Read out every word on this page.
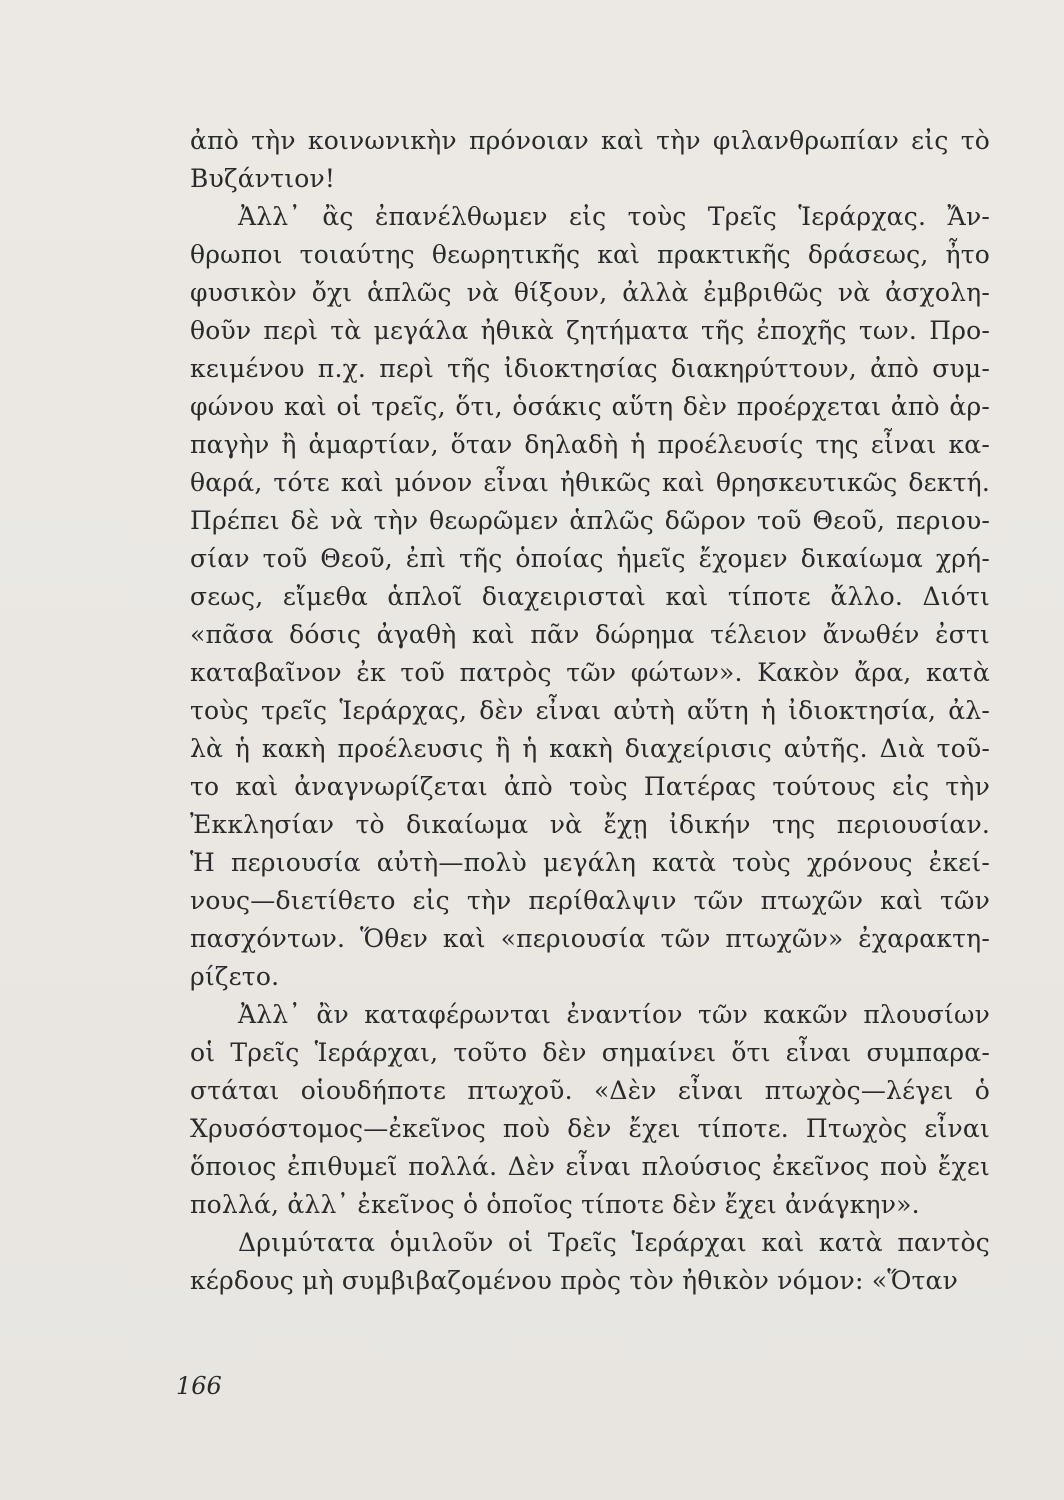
ἀπὸ τὴν κοινωνικὴν πρόνοιαν καὶ τὴν φιλανθρωπίαν εἰς τὸ
Βυζάντιον!
Ἀλλ᾽ ἂς ἐπανέλθωμεν εἰς τοὺς Τρεῖς Ἱεράρχας. Ἄν-
θρωποι τοιαύτης θεωρητικῆς καὶ πρακτικῆς δράσεως, ἦτο
φυσικὸν ὄχι ἁπλῶς νὰ θίξουν, ἀλλὰ ἐμβριθῶς νὰ ἀσχολη-
θοῦν περὶ τὰ μεγάλα ἠθικὰ ζητήματα τῆς ἐποχῆς των. Προ-
κειμένου π.χ. περὶ τῆς ἰδιοκτησίας διακηρύττουν, ἀπὸ συμ-
φώνου καὶ οἱ τρεῖς, ὅτι, ὁσάκις αὕτη δὲν προέρχεται ἀπὸ ἁρ-
παγὴν ἢ ἁμαρτίαν, ὅταν δηλαδὴ ἡ προέλευσίς της εἶναι κα-
θαρά, τότε καὶ μόνον εἶναι ἠθικῶς καὶ θρησκευτικῶς δεκτή.
Πρέπει δὲ νὰ τὴν θεωρῶμεν ἁπλῶς δῶρον τοῦ Θεοῦ, περιου-
σίαν τοῦ Θεοῦ, ἐπὶ τῆς ὁποίας ἡμεῖς ἔχομεν δικαίωμα χρή-
σεως, εἴμεθα ἁπλοῖ διαχειρισταὶ καὶ τίποτε ἄλλο. Διότι
«πᾶσα δόσις ἀγαθὴ καὶ πᾶν δώρημα τέλειον ἄνωθέν ἐστι
καταβαῖνον ἐκ τοῦ πατρὸς τῶν φώτων». Κακὸν ἄρα, κατὰ
τοὺς τρεῖς Ἱεράρχας, δὲν εἶναι αὐτὴ αὕτη ἡ ἰδιοκτησία, ἀλ-
λὰ ἡ κακὴ προέλευσις ἢ ἡ κακὴ διαχείρισις αὐτῆς. Διὰ τοῦ-
το καὶ ἀναγνωρίζεται ἀπὸ τοὺς Πατέρας τούτους εἰς τὴν
Ἐκκλησίαν τὸ δικαίωμα νὰ ἔχῃ ἰδικήν της περιουσίαν.
Ἡ περιουσία αὐτὴ—πολὺ μεγάλη κατὰ τοὺς χρόνους ἐκεί-
νους—διετίθετο εἰς τὴν περίθαλψιν τῶν πτωχῶν καὶ τῶν
πασχόντων. Ὅθεν καὶ «περιουσία τῶν πτωχῶν» ἐχαρακτη-
ρίζετο.
Ἀλλ᾽ ἂν καταφέρωνται ἐναντίον τῶν κακῶν πλουσίων
οἱ Τρεῖς Ἱεράρχαι, τοῦτο δὲν σημαίνει ὅτι εἶναι συμπαρα-
στάται οἱουδήποτε πτωχοῦ. «Δὲν εἶναι πτωχὸς—λέγει ὁ
Χρυσόστομος—ἐκεῖνος ποὺ δὲν ἔχει τίποτε. Πτωχὸς εἶναι
ὅποιος ἐπιθυμεῖ πολλά. Δὲν εἶναι πλούσιος ἐκεῖνος ποὺ ἔχει
πολλά, ἀλλ᾽ ἐκεῖνος ὁ ὁποῖος τίποτε δὲν ἔχει ἀνάγκην».
Δριμύτατα ὁμιλοῦν οἱ Τρεῖς Ἱεράρχαι καὶ κατὰ παντὸς
κέρδους μὴ συμβιβαζομένου πρὸς τὸν ἠθικὸν νόμον: «Ὅταν
166
